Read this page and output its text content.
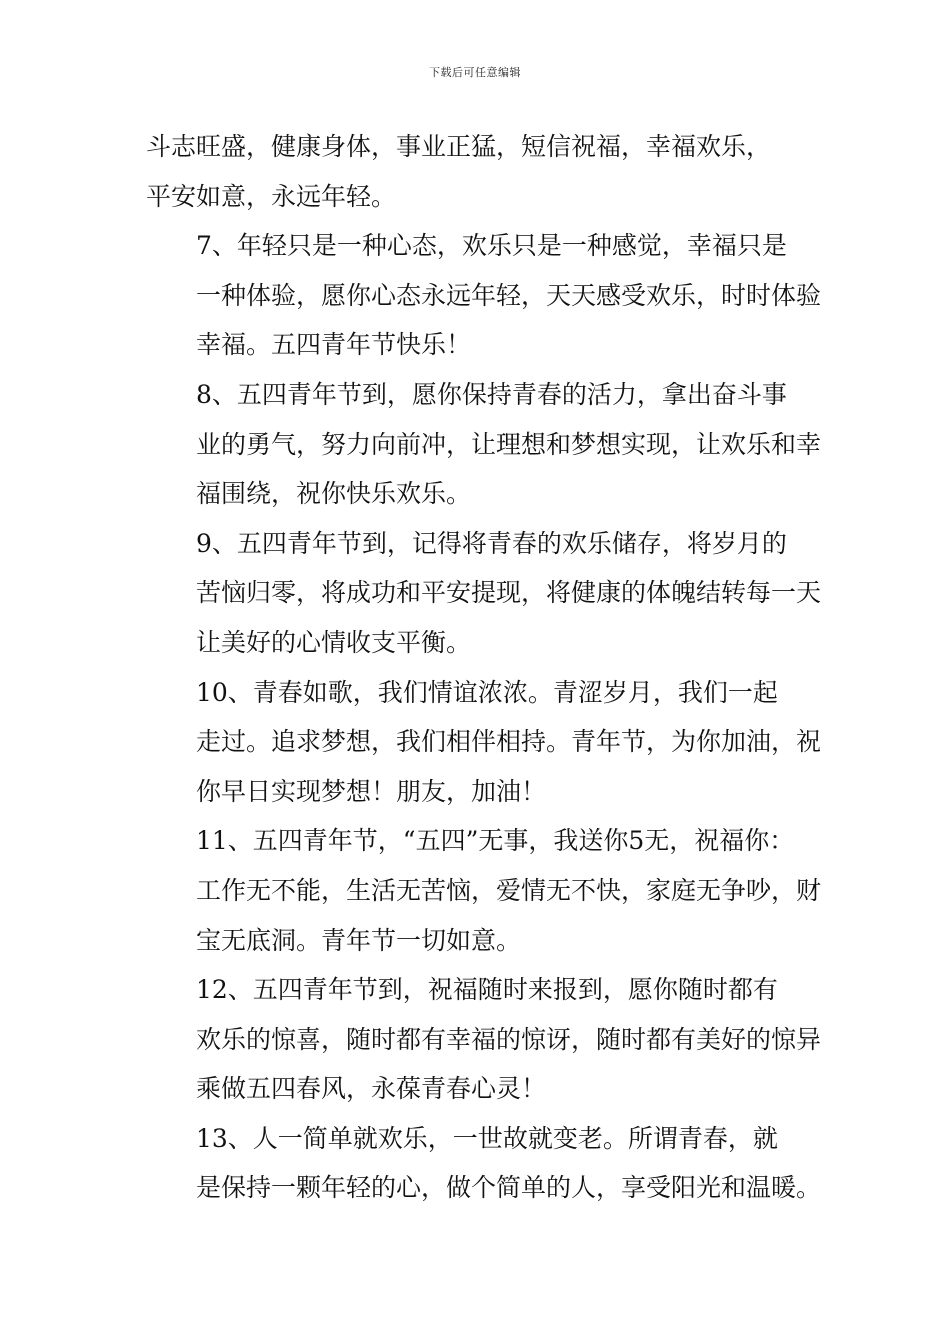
下载后可任意编辑

斗志旺盛，健康身体，事业正猛，短信祝福，幸福欢乐，
平安如意，永远年轻。

7、年轻只是一种心态，欢乐只是一种感觉，幸福只是
一种体验，愿你心态永远年轻，天天感受欢乐，时时体验
幸福。五四青年节快乐！

8、五四青年节到，愿你保持青春的活力，拿出奋斗事
业的勇气，努力向前冲，让理想和梦想实现，让欢乐和幸
福围绕，祝你快乐欢乐。

9、五四青年节到，记得将青春的欢乐储存，将岁月的
苦恼归零，将成功和平安提现，将健康的体魄结转每一天
让美好的心情收支平衡。

10、青春如歌，我们情谊浓浓。青涩岁月，我们一起
走过。追求梦想，我们相伴相持。青年节，为你加油，祝
你早日实现梦想！朋友，加油！

11、五四青年节，“五四”无事，我送你5无，祝福你：
工作无不能，生活无苦恼，爱情无不快，家庭无争吵，财
宝无底洞。青年节一切如意。

12、五四青年节到，祝福随时来报到，愿你随时都有
欢乐的惊喜，随时都有幸福的惊讶，随时都有美好的惊异
乘做五四春风，永葆青春心灵！

13、人一简单就欢乐，一世故就变老。所谓青春，就
是保持一颗年轻的心，做个简单的人，享受阳光和温暖。
